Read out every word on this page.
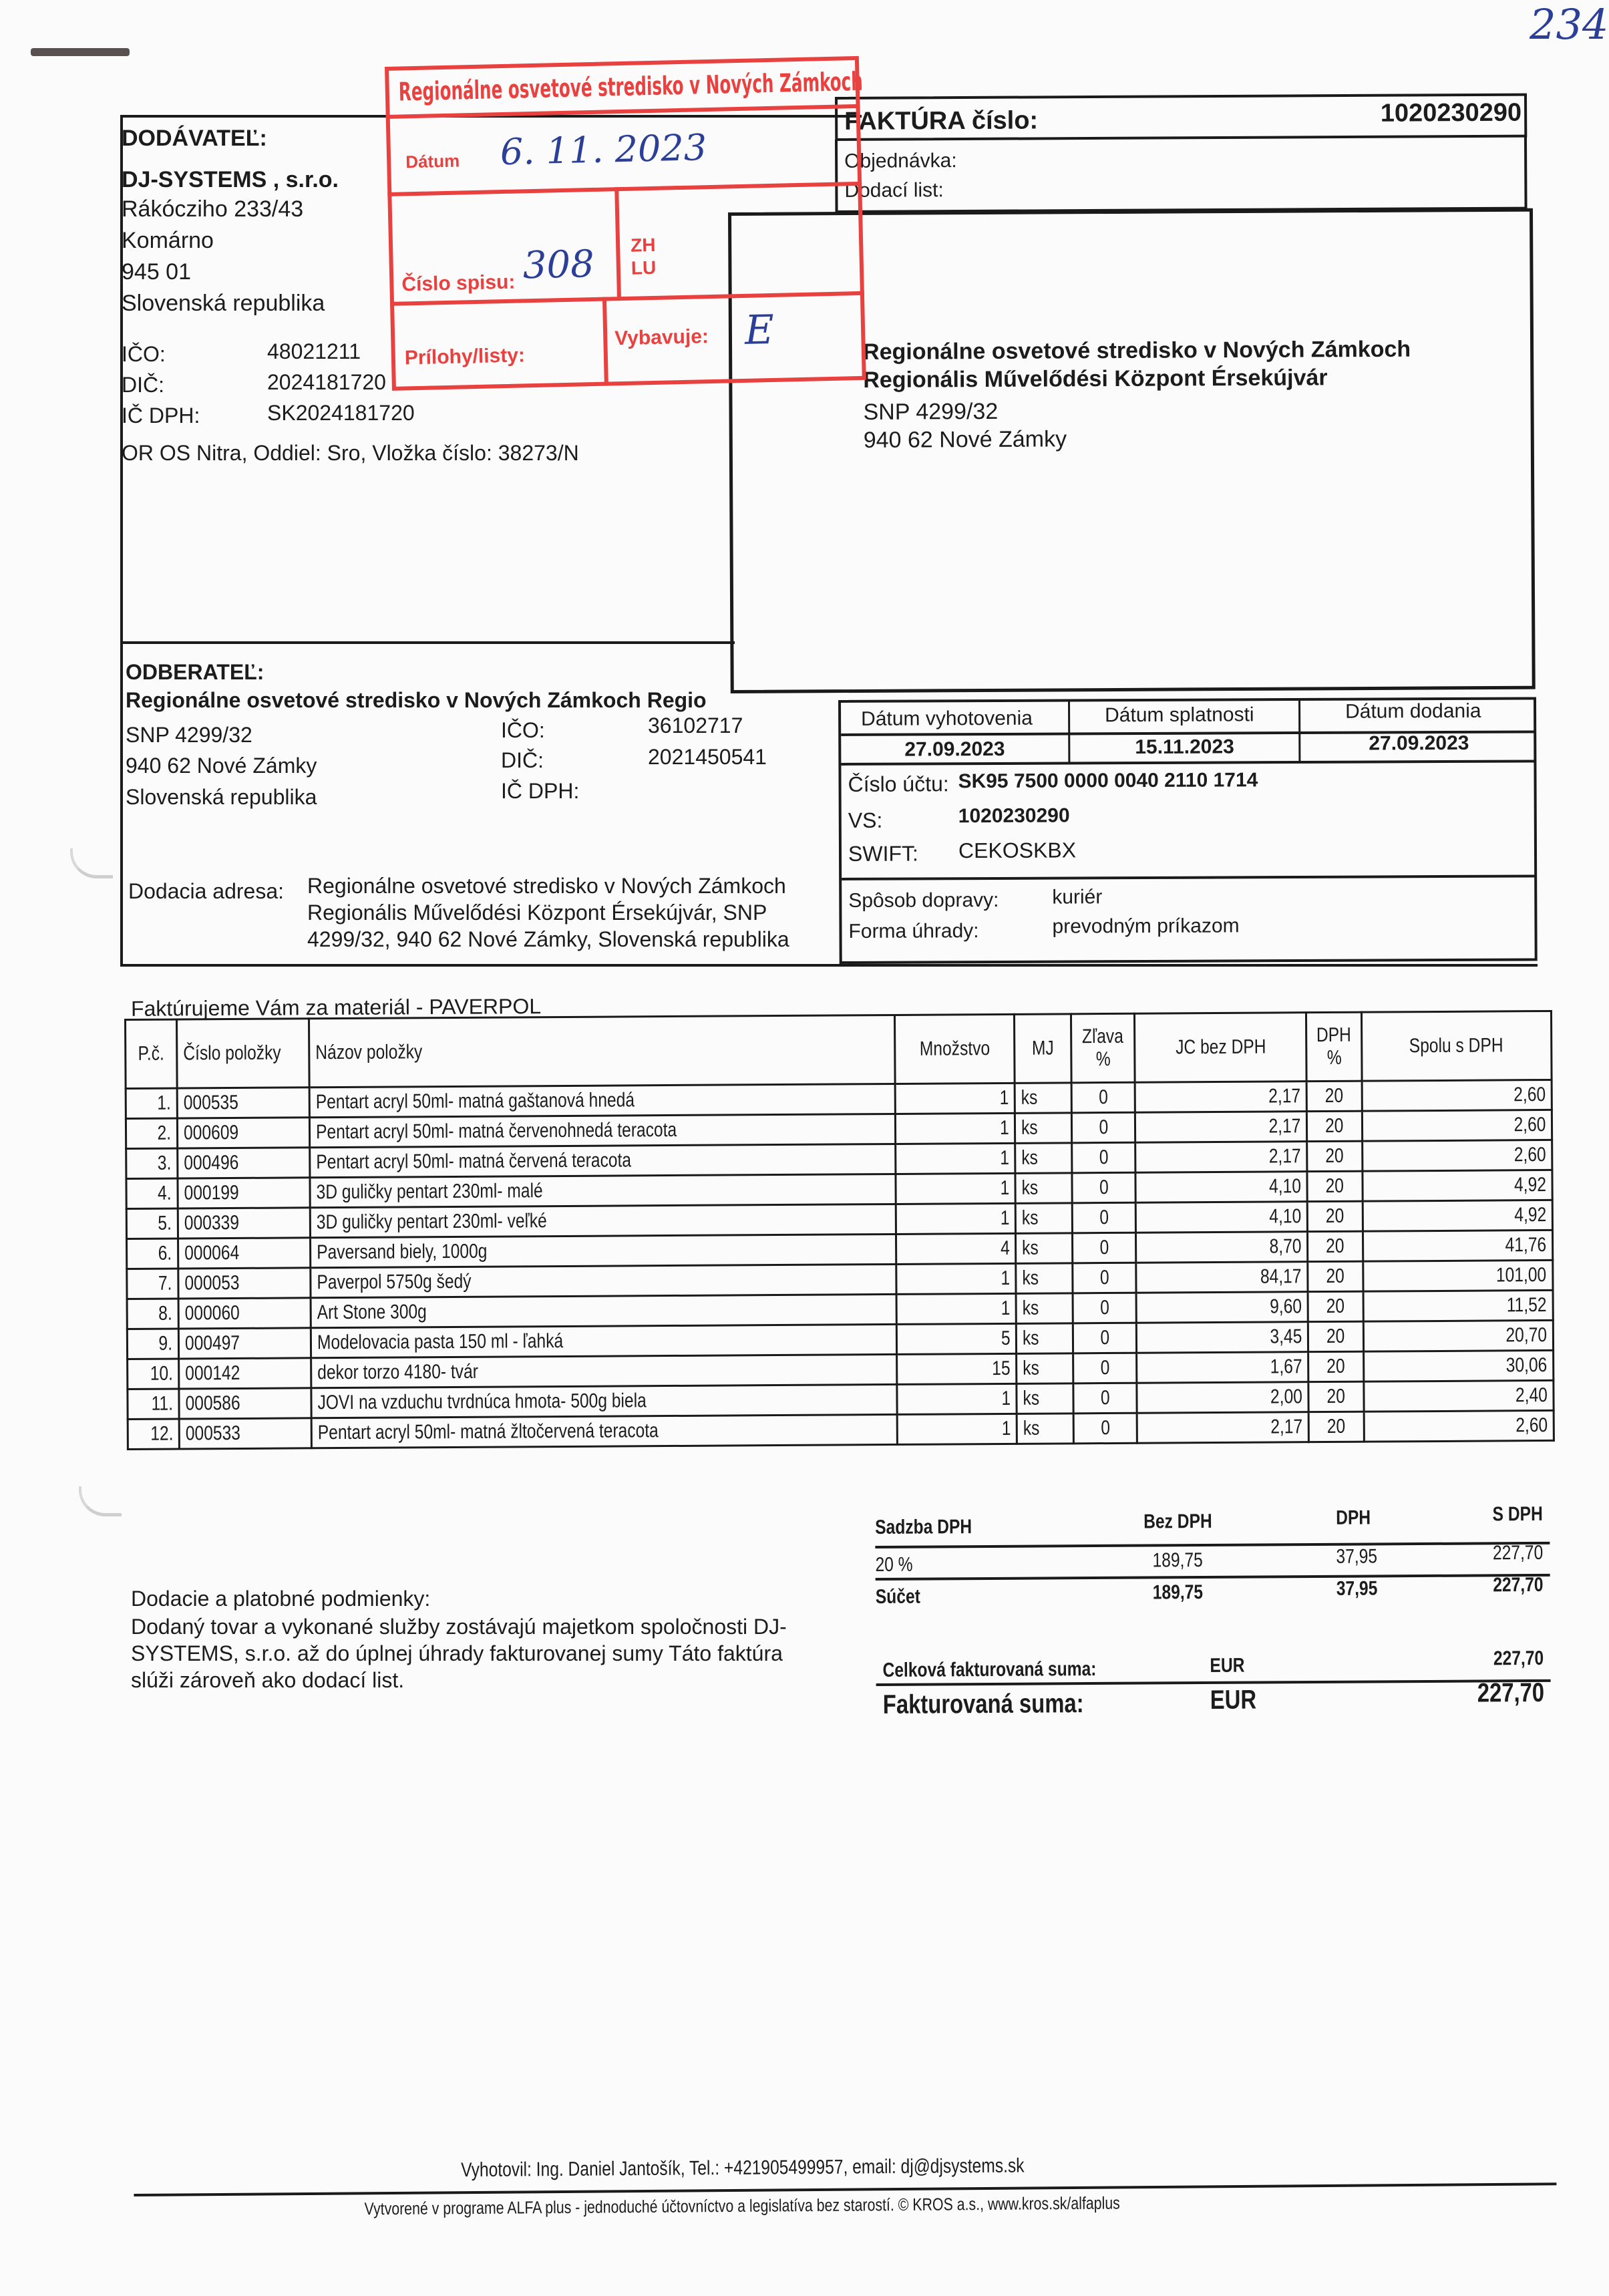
234
DODÁVATEĽ:
DJ-SYSTEMS , s.r.o.
Rákócziho 233/43
Komárno
945 01
Slovenská republika
IČO:	48021211
DIČ:	2024181720
IČ DPH:	SK2024181720
OR OS Nitra, Oddiel: Sro, Vložka číslo: 38273/N
FAKTÚRA číslo:	1020230290
Objednávka:
Dodací list:
Regionálne osvetové stredisko v Nových Zámkoch
Regionális Művelődési Központ Érsekújvár
SNP 4299/32
940 62 Nové Zámky
ODBERATEĽ:
Regionálne osvetové stredisko v Nových Zámkoch Regio
SNP 4299/32
940 62 Nové Zámky
Slovenská republika
IČO:	36102717
DIČ:	2021450541
IČ DPH:
Dodacia adresa: Regionálne osvetové stredisko v Nových Zámkoch
Regionális Művelődési Központ Érsekújvár, SNP
4299/32, 940 62 Nové Zámky, Slovenská republika
Dátum vyhotovenia	Dátum splatnosti	Dátum dodania
27.09.2023	15.11.2023	27.09.2023
Číslo účtu: SK95 7500 0000 0040 2110 1714
VS:	1020230290
SWIFT: CEKOSKBX
Spôsob dopravy:	kuriér
Forma úhrady:	prevodným príkazom
Regionálne osvetové stredisko v Nových Zámkoch
Dátum 6. 11. 2023
ZH
LU
Číslo spisu: 308
Prílohy/listy:
Vybavuje: E
Faktúrujeme Vám za materiál - PAVERPOL
P.č.	Číslo položky	Názov položky	Množstvo	MJ	Zľava
%	JC bez DPH	DPH
%	Spolu s DPH
1.	000535	Pentart acryl 50ml- matná gaštanová hnedá	1	ks	0	2,17	20	2,60
2.	000609	Pentart acryl 50ml- matná červenohnedá teracota	1	ks	0	2,17	20	2,60
3.	000496	Pentart acryl 50ml- matná červená teracota	1	ks	0	2,17	20	2,60
4.	000199	3D guličky pentart 230ml- malé	1	ks	0	4,10	20	4,92
5.	000339	3D guličky pentart 230ml- veľké	1	ks	0	4,10	20	4,92
6.	000064	Paversand biely, 1000g	4	ks	0	8,70	20	41,76
7.	000053	Paverpol 5750g šedý	1	ks	0	84,17	20	101,00
8.	000060	Art Stone 300g	1	ks	0	9,60	20	11,52
9.	000497	Modelovacia pasta 150 ml - ľahká	5	ks	0	3,45	20	20,70
10.	000142	dekor torzo 4180- tvár	15	ks	0	1,67	20	30,06
11.	000586	JOVI na vzduchu tvrdnúca hmota- 500g biela	1	ks	0	2,00	20	2,40
12.	000533	Pentart acryl 50ml- matná žltočervená teracota	1	ks	0	2,17	20	2,60
Sadzba DPH	Bez DPH	DPH	S DPH
20 %	189,75	37,95	227,70
Súčet	189,75	37,95	227,70
Celková fakturovaná suma:	EUR	227,70
Fakturovaná suma:	EUR	227,70
Dodacie a platobné podmienky:
Dodaný tovar a vykonané služby zostávajú majetkom spoločnosti DJ-
SYSTEMS, s.r.o. až do úplnej úhrady fakturovanej sumy Táto faktúra
slúži zároveň ako dodací list.
Vyhotovil: Ing. Daniel Jantošík, Tel.: +421905499957, email: dj@djsystems.sk
Vytvorené v programe ALFA plus - jednoduché účtovníctvo a legislatíva bez starostí. © KROS a.s., www.kros.sk/alfaplus
